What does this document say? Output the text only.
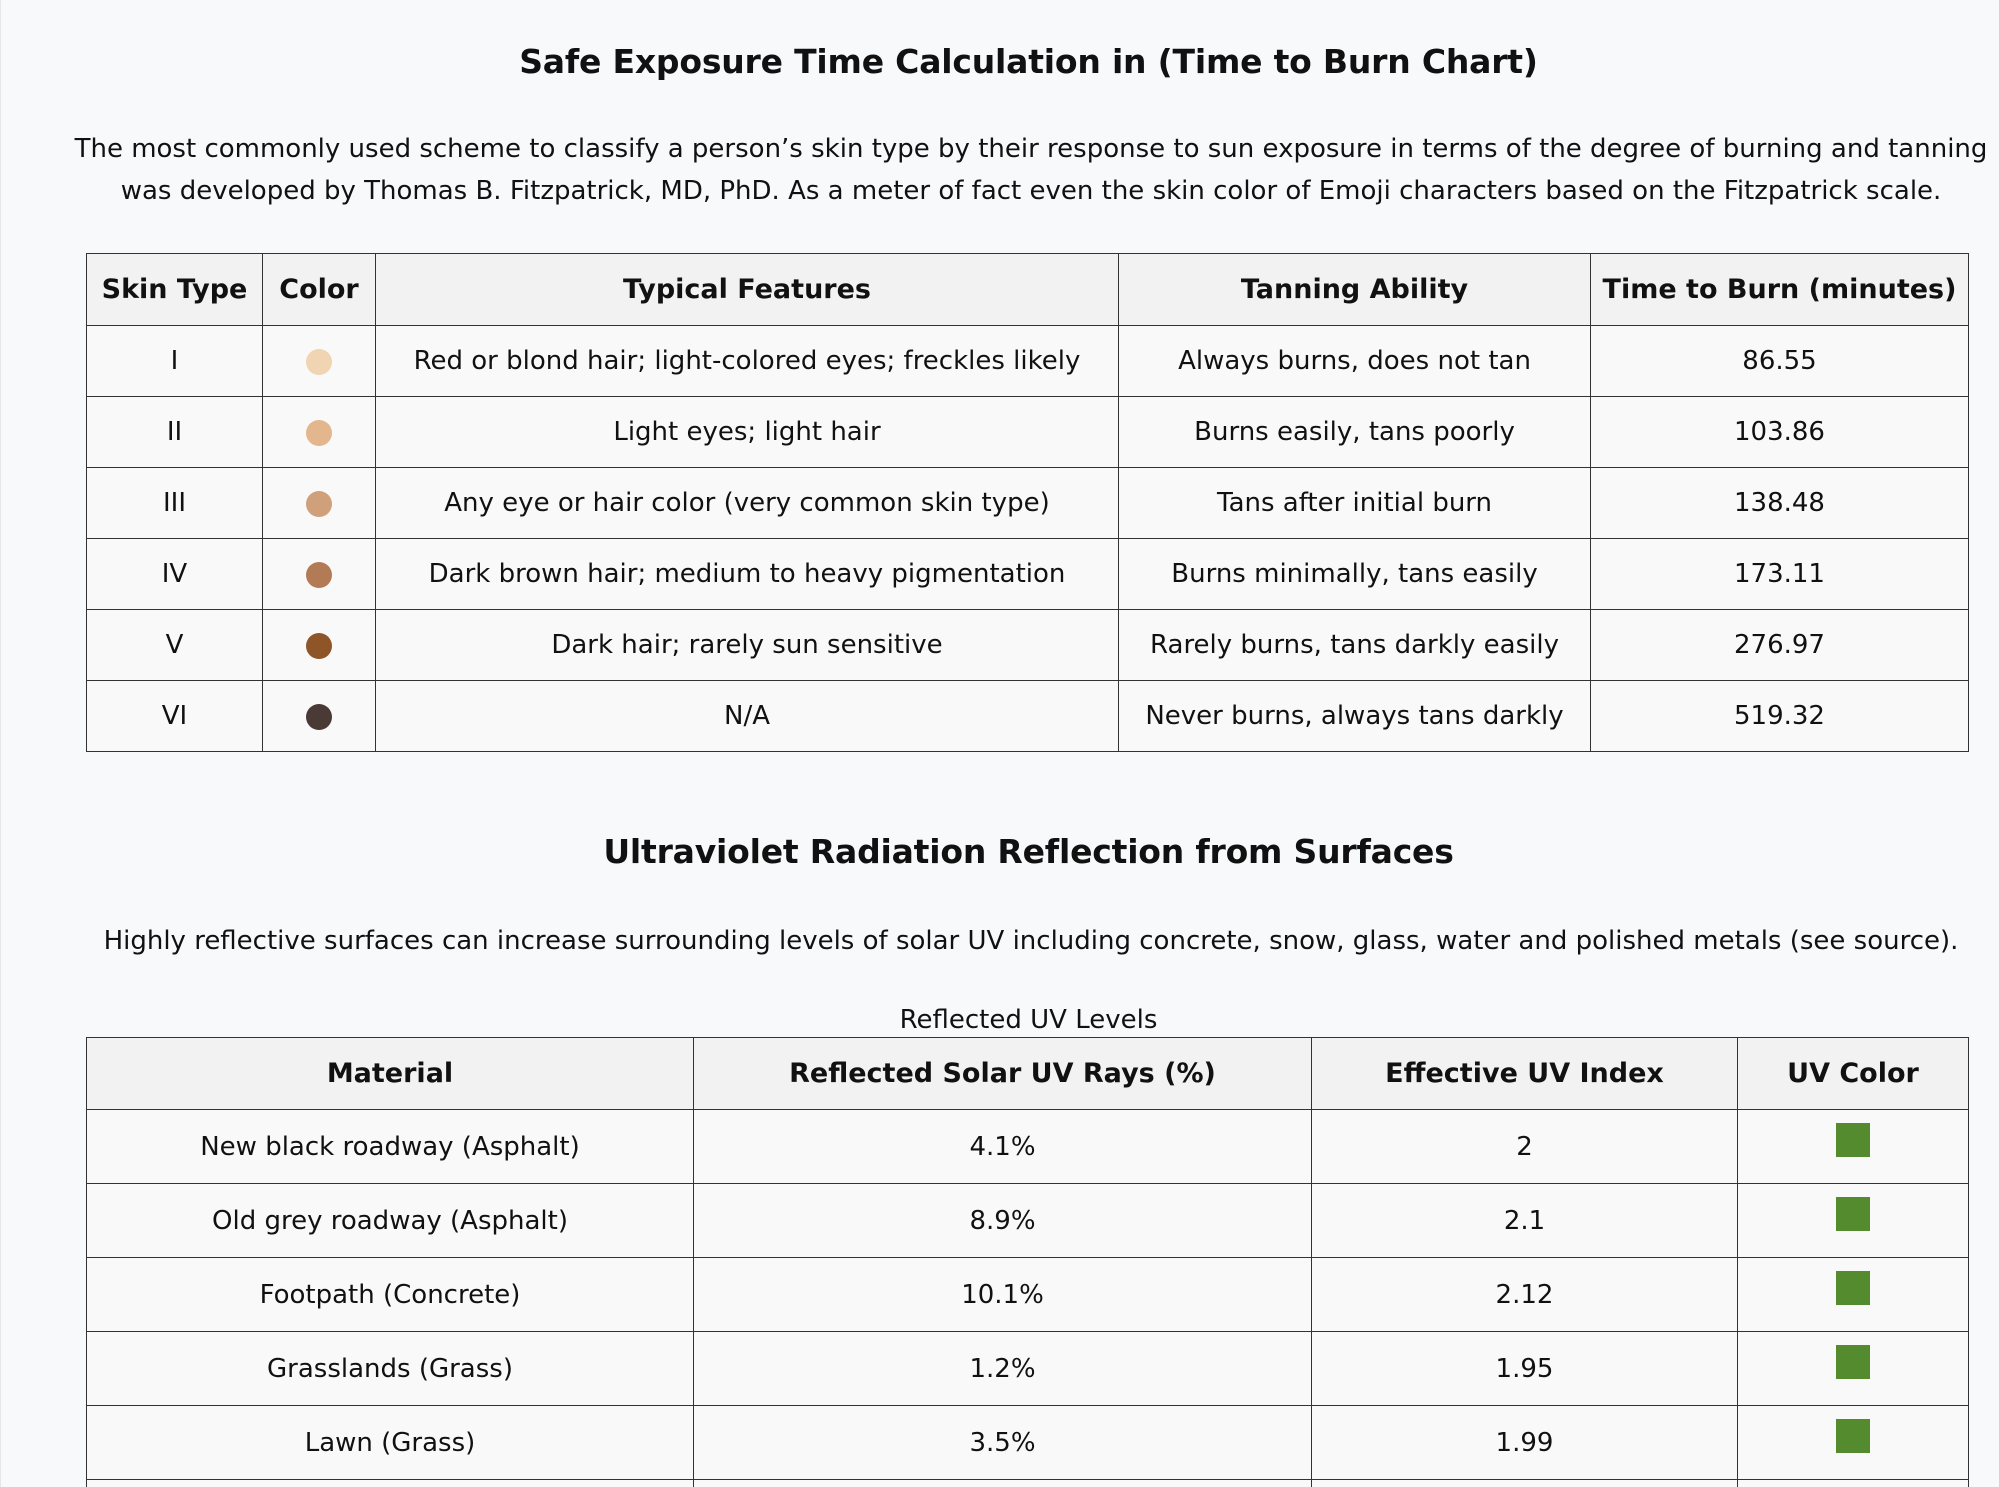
Safe Exposure Time Calculation in (Time to Burn Chart)

The most commonly used scheme to classify a person’s skin type by their response to sun exposure in terms of the degree of burning and tanning was developed by Thomas B. Fitzpatrick, MD, PhD. As a meter of fact even the skin color of Emoji characters based on the Fitzpatrick scale.

Skin Type	Color	Typical Features	Tanning Ability	Time to Burn (minutes)
I		Red or blond hair; light-colored eyes; freckles likely	Always burns, does not tan	86.55
II		Light eyes; light hair	Burns easily, tans poorly	103.86
III		Any eye or hair color (very common skin type)	Tans after initial burn	138.48
IV		Dark brown hair; medium to heavy pigmentation	Burns minimally, tans easily	173.11
V		Dark hair; rarely sun sensitive	Rarely burns, tans darkly easily	276.97
VI		N/A	Never burns, always tans darkly	519.32
Ultraviolet Radiation Reflection from Surfaces

Highly reflective surfaces can increase surrounding levels of solar UV including concrete, snow, glass, water and polished metals (see source).

Reflected UV Levels
Material	Reflected Solar UV Rays (%)	Effective UV Index	UV Color
New black roadway (Asphalt)	4.1%	2	
Old grey roadway (Asphalt)	8.9%	2.1	
Footpath (Concrete)	10.1%	2.12	
Grasslands (Grass)	1.2%	1.95	
Lawn (Grass)	3.5%	1.99	
